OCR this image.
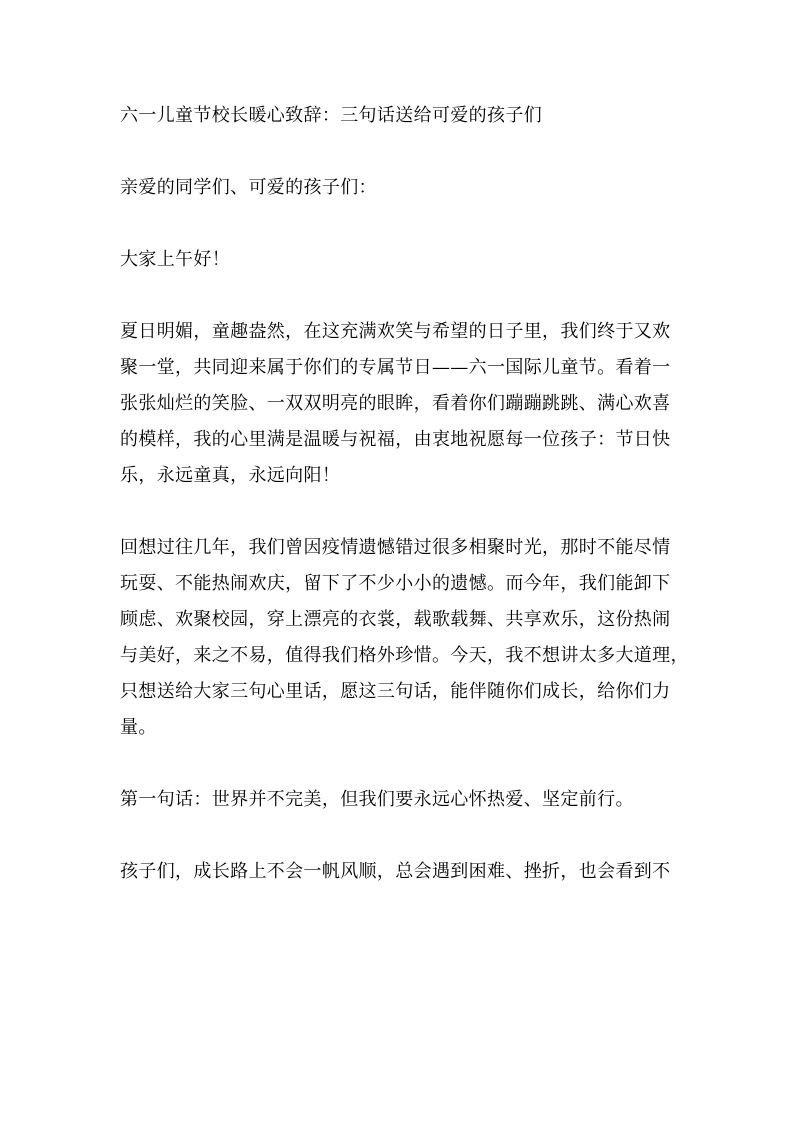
六一儿童节校长暖心致辞：三句话送给可爱的孩子们
亲爱的同学们、可爱的孩子们：
大家上午好！
夏日明媚，童趣盎然，在这充满欢笑与希望的日子里，我们终于又欢
聚一堂，共同迎来属于你们的专属节日——六一国际儿童节。看着一
张张灿烂的笑脸、一双双明亮的眼眸，看着你们蹦蹦跳跳、满心欢喜
的模样，我的心里满是温暖与祝福，由衷地祝愿每一位孩子：节日快
乐，永远童真，永远向阳！
回想过往几年，我们曾因疫情遗憾错过很多相聚时光，那时不能尽情
玩耍、不能热闹欢庆，留下了不少小小的遗憾。而今年，我们能卸下
顾虑、欢聚校园，穿上漂亮的衣裳，载歌载舞、共享欢乐，这份热闹
与美好，来之不易，值得我们格外珍惜。今天，我不想讲太多大道理，
只想送给大家三句心里话，愿这三句话，能伴随你们成长，给你们力
量。
第一句话：世界并不完美，但我们要永远心怀热爱、坚定前行。
孩子们，成长路上不会一帆风顺，总会遇到困难、挫折，也会看到不
